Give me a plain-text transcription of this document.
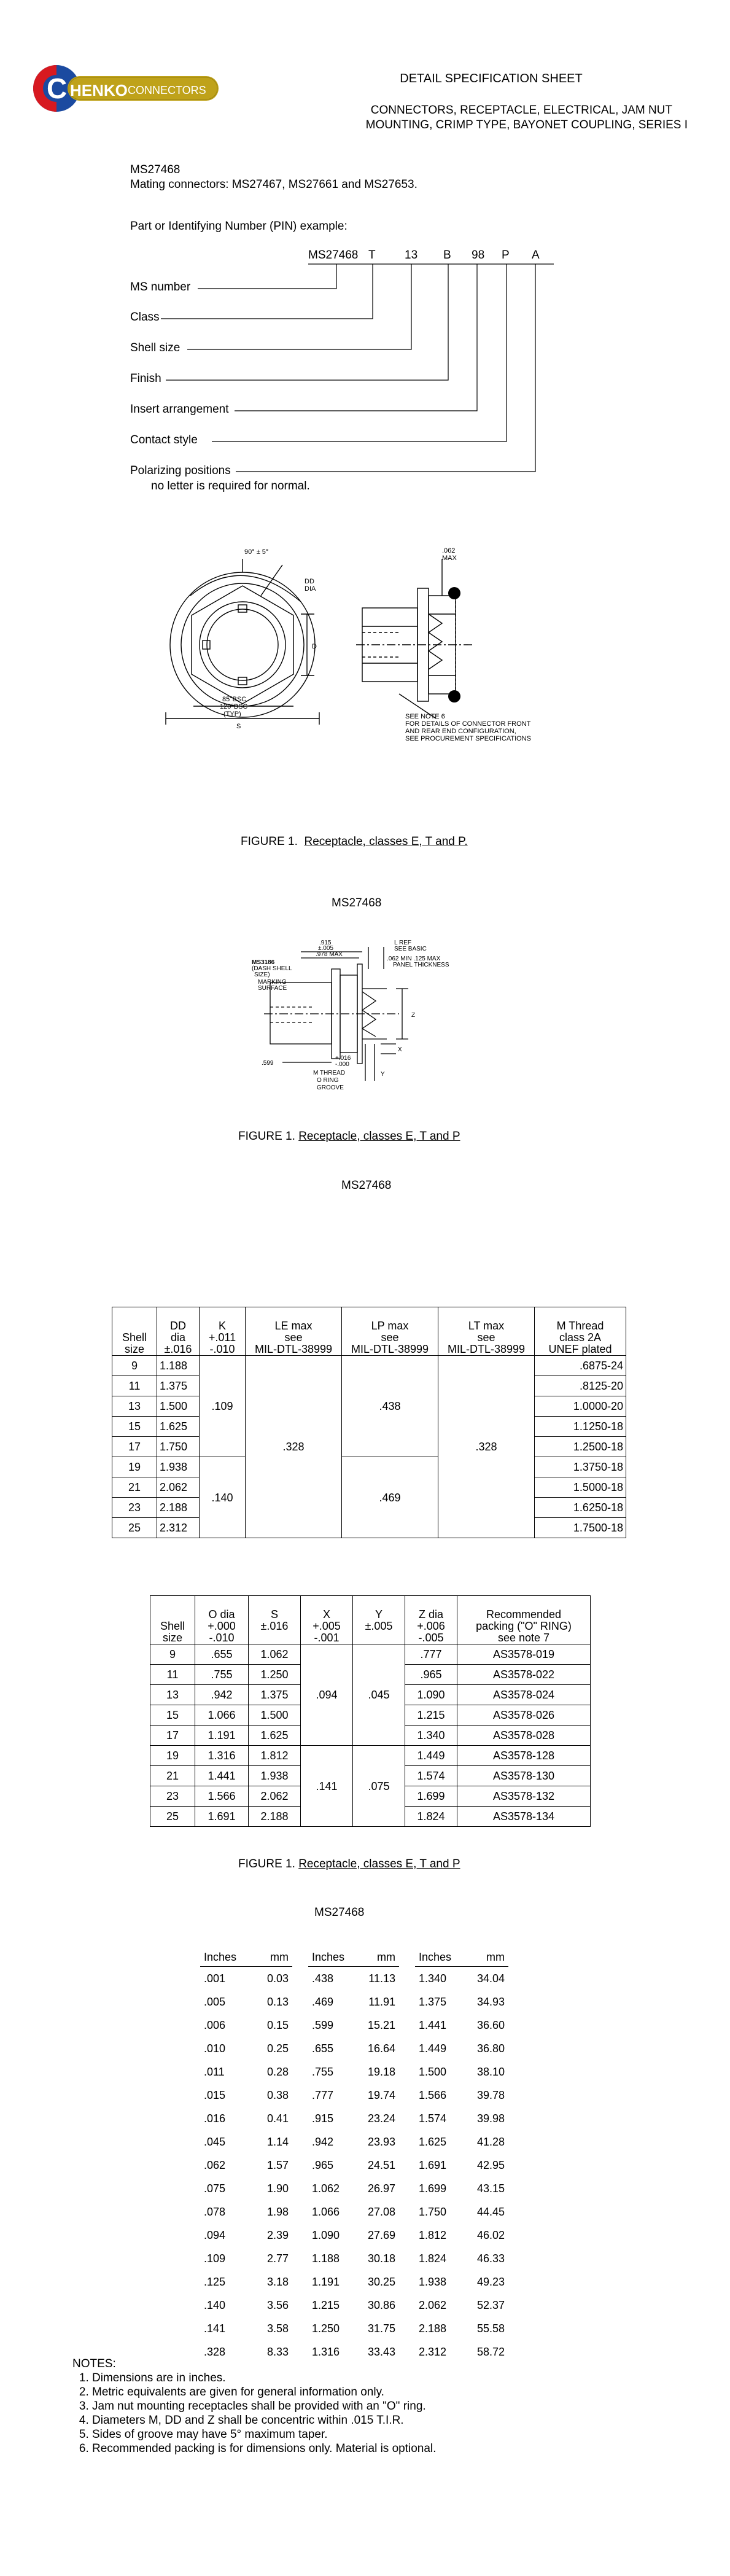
C HENKO CONNECTORS
DETAIL SPECIFICATION SHEET
CONNECTORS, RECEPTACLE, ELECTRICAL, JAM NUT
MOUNTING, CRIMP TYPE, BAYONET COUPLING, SERIES I
MS27468
Mating connectors: MS27467, MS27661 and MS27653.
Part or Identifying Number (PIN) example:
MS27468 T 13 B 98 P A
MS number
Class
Shell size
Finish
Insert arrangement
Contact style
Polarizing positions
no letter is required for normal.
90° ± 5°
DD
DIA
D
85°BSC
120°BSC
(TYP)
S
.062
MAX
SEE NOTE 6
FOR DETAILS OF CONNECTOR FRONT
AND REAR END CONFIGURATION,
SEE PROCUREMENT SPECIFICATIONS
FIGURE 1.  Receptacle, classes E, T and P.
MS27468
.915
±.005
.978 MAX
MS3186
(DASH SHELL
SIZE)
MARKING
SURFACE
L REF
SEE BASIC
.062 MIN .125 MAX
PANEL THICKNESS
Z
X
Y
.599
+.016
-.000
M THREAD
O RING
GROOVE
FIGURE 1. Receptacle, classes E, T and P
MS27468
Shell
size	DD
dia
±.016	K
+.011
-.010	LE max
see
MIL-DTL-38999	LP max
see
MIL-DTL-38999	LT max
see
MIL-DTL-38999	M Thread
class 2A
UNEF plated
9	1.188	.109	.328	.438	.328	.6875-24
11	1.375					.8125-20
13	1.500					1.0000-20
15	1.625					1.1250-18
17	1.750					1.2500-18
19	1.938	.140		.469		1.3750-18
21	2.062					1.5000-18
23	2.188					1.6250-18
25	2.312					1.7500-18
Shell
size	O dia
+.000
-.010	S
±.016	X
+.005
-.001	Y
±.005	Z dia
+.006
-.005	Recommended
packing ("O" RING)
see note 7
9	.655	1.062	.094	.045	.777	AS3578-019
11	.755	1.250			.965	AS3578-022
13	.942	1.375			1.090	AS3578-024
15	1.066	1.500			1.215	AS3578-026
17	1.191	1.625			1.340	AS3578-028
19	1.316	1.812	.141	.075	1.449	AS3578-128
21	1.441	1.938			1.574	AS3578-130
23	1.566	2.062			1.699	AS3578-132
25	1.691	2.188			1.824	AS3578-134
FIGURE 1. Receptacle, classes E, T and P
MS27468
Inches	mm		Inches	mm		Inches	mm
.001	0.03		.438	11.13		1.340	34.04
.005	0.13		.469	11.91		1.375	34.93
.006	0.15		.599	15.21		1.441	36.60
.010	0.25		.655	16.64		1.449	36.80
.011	0.28		.755	19.18		1.500	38.10
.015	0.38		.777	19.74		1.566	39.78
.016	0.41		.915	23.24		1.574	39.98
.045	1.14		.942	23.93		1.625	41.28
.062	1.57		.965	24.51		1.691	42.95
.075	1.90		1.062	26.97		1.699	43.15
.078	1.98		1.066	27.08		1.750	44.45
.094	2.39		1.090	27.69		1.812	46.02
.109	2.77		1.188	30.18		1.824	46.33
.125	3.18		1.191	30.25		1.938	49.23
.140	3.56		1.215	30.86		2.062	52.37
.141	3.58		1.250	31.75		2.188	55.58
.328	8.33		1.316	33.43		2.312	58.72
NOTES:
1. Dimensions are in inches.
2. Metric equivalents are given for general information only.
3. Jam nut mounting receptacles shall be provided with an "O" ring.
4. Diameters M, DD and Z shall be concentric within .015 T.I.R.
5. Sides of groove may have 5° maximum taper.
6. Recommended packing is for dimensions only. Material is optional.
